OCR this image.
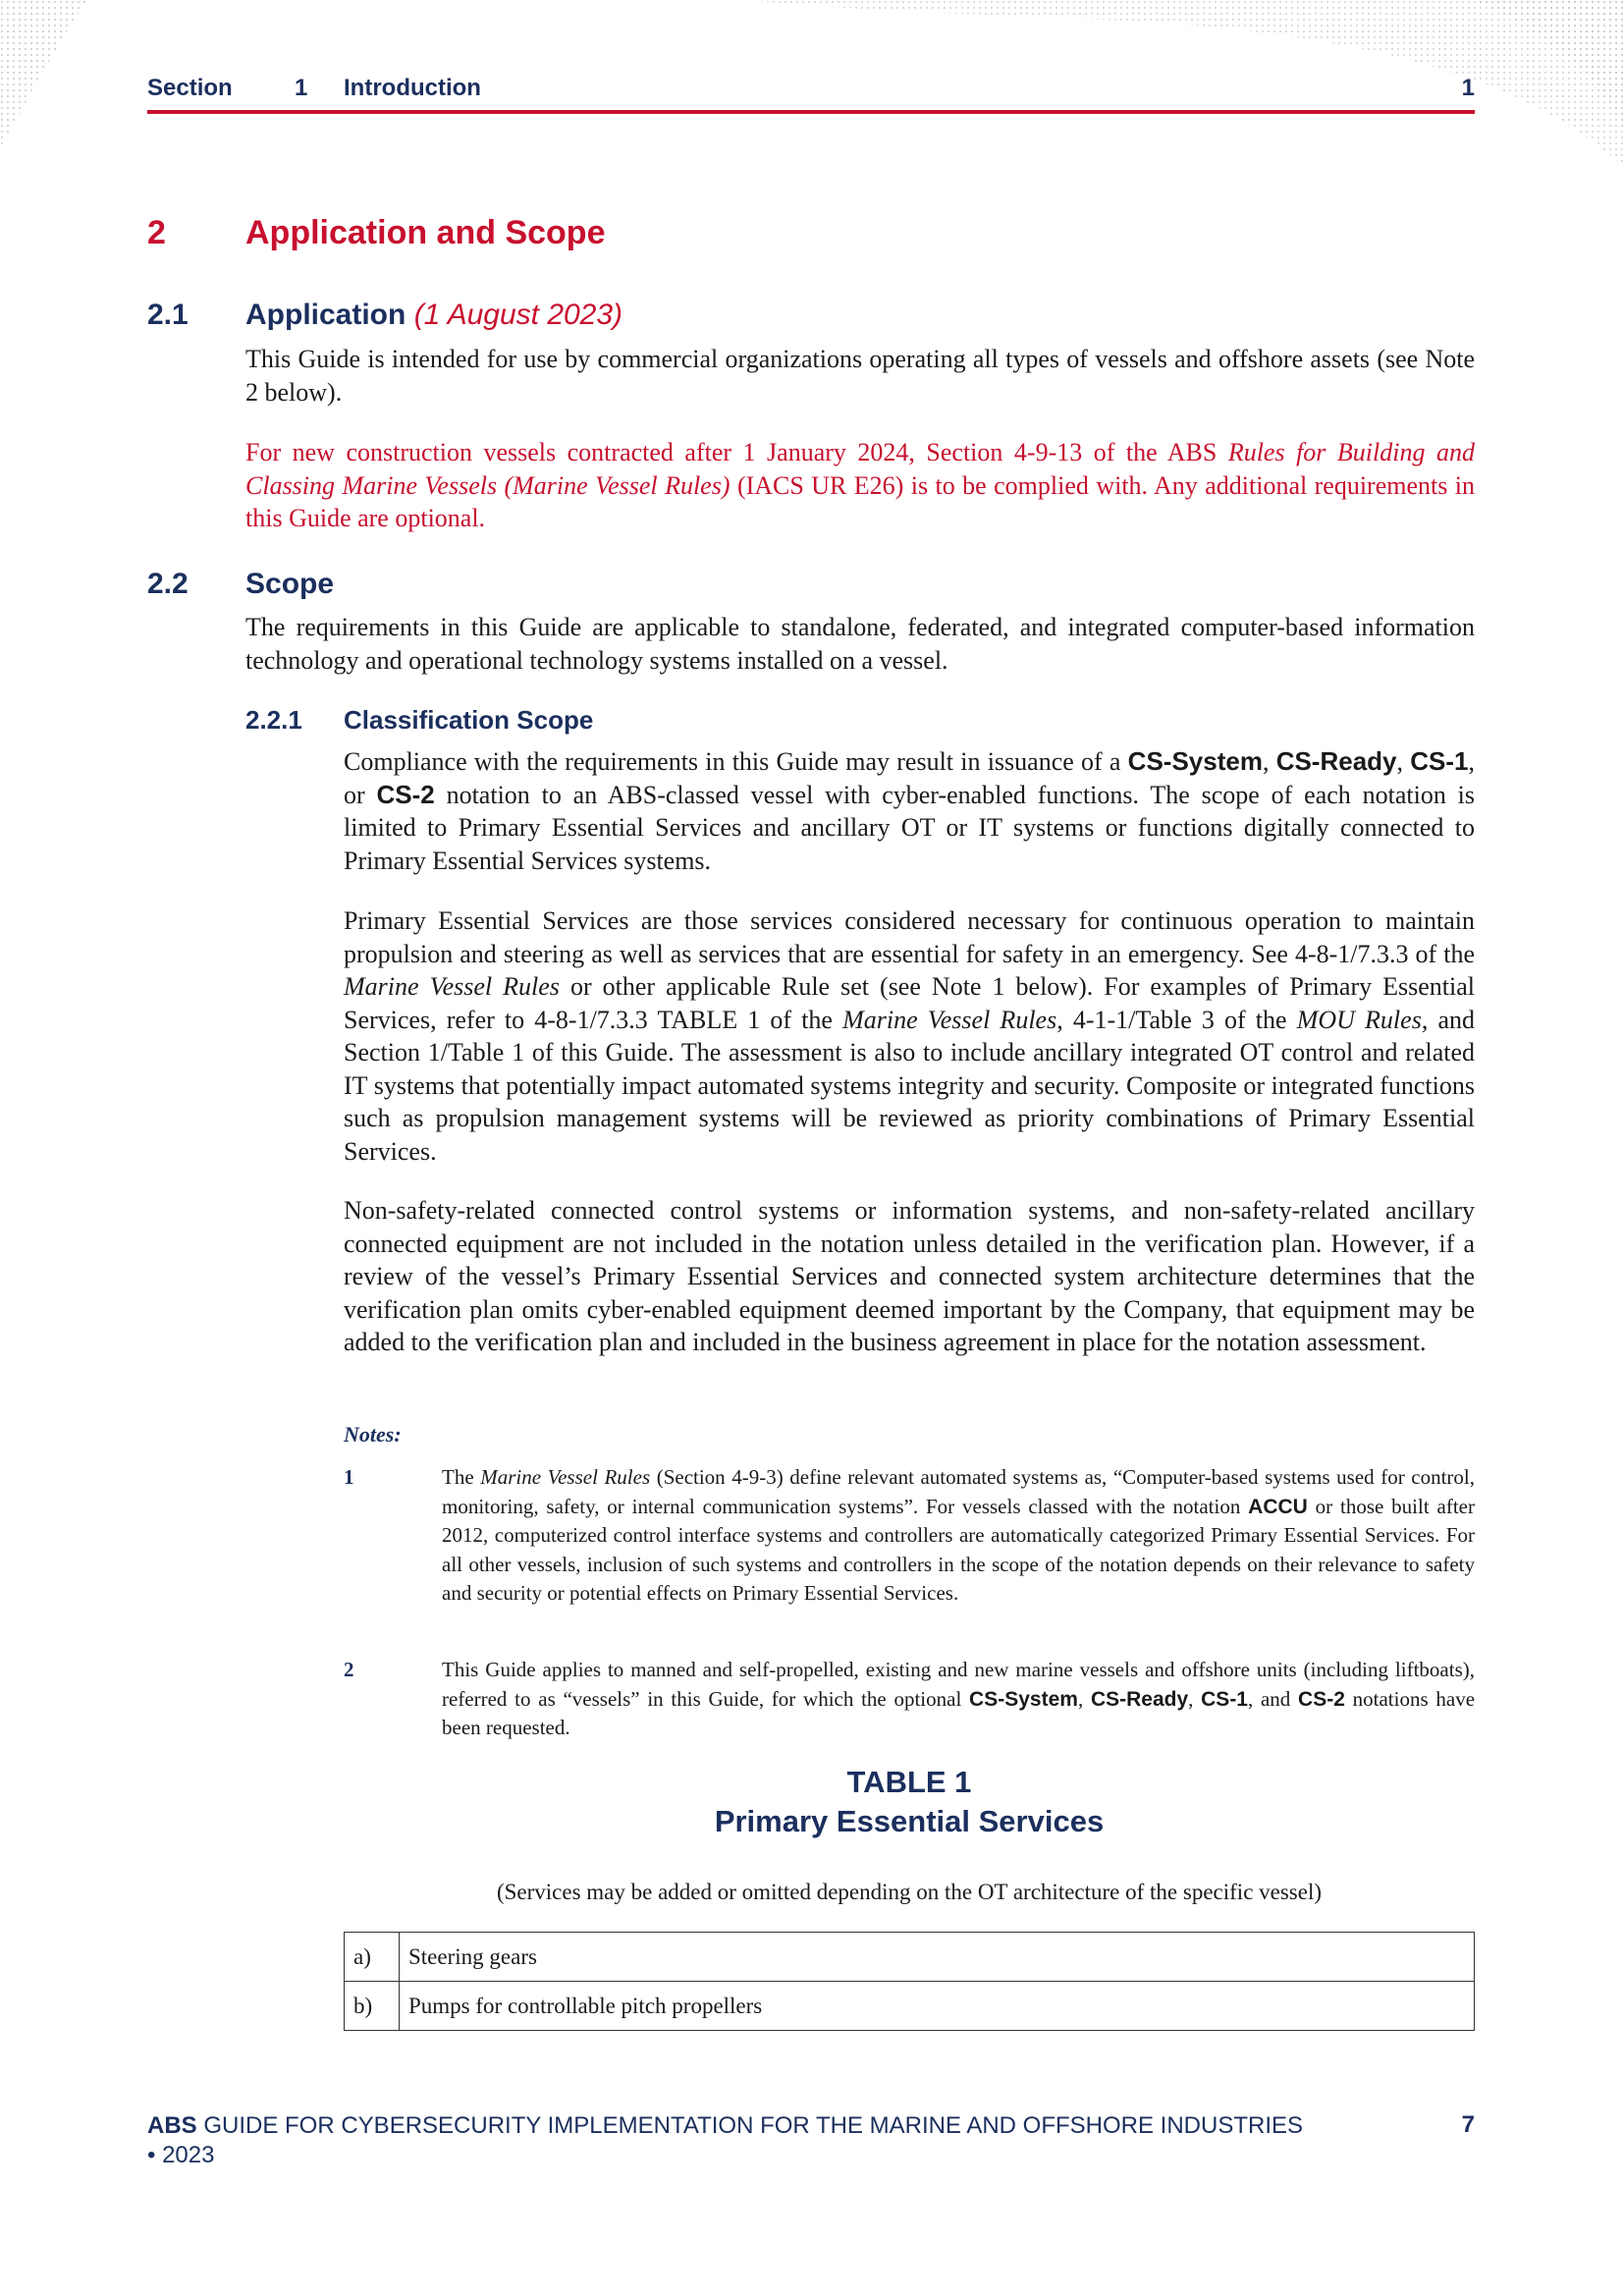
Section	1 Introduction	1
2 Application and Scope
2.1 Application (1 August 2023)

This Guide is intended for use by commercial organizations operating all types of vessels and offshore assets (see Note 2 below).

For new construction vessels contracted after 1 January 2024, Section 4-9-13 of the ABS Rules for Building and Classing Marine Vessels (Marine Vessel Rules) (IACS UR E26) is to be complied with. Any additional requirements in this Guide are optional.

2.2 Scope

The requirements in this Guide are applicable to standalone, federated, and integrated computer-based information technology and operational technology systems installed on a vessel.

2.2.1 Classification Scope

Compliance with the requirements in this Guide may result in issuance of a CS-System, CS-Ready, CS-1, or CS-2 notation to an ABS-classed vessel with cyber-enabled functions. The scope of each notation is limited to Primary Essential Services and ancillary OT or IT systems or functions digitally connected to Primary Essential Services systems.

Primary Essential Services are those services considered necessary for continuous operation to maintain propulsion and steering as well as services that are essential for safety in an emergency. See 4-8-1/7.3.3 of the Marine Vessel Rules or other applicable Rule set (see Note 1 below). For examples of Primary Essential Services, refer to 4-8-1/7.3.3 TABLE 1 of the Marine Vessel Rules, 4-1-1/Table 3 of the MOU Rules, and Section 1/Table 1 of this Guide. The assessment is also to include ancillary integrated OT control and related IT systems that potentially impact automated systems integrity and security. Composite or integrated functions such as propulsion management systems will be reviewed as priority combinations of Primary Essential Services.

Non-safety-related connected control systems or information systems, and non-safety-related ancillary connected equipment are not included in the notation unless detailed in the verification plan. However, if a review of the vessel’s Primary Essential Services and connected system architecture determines that the verification plan omits cyber-enabled equipment deemed important by the Company, that equipment may be added to the verification plan and included in the business agreement in place for the notation assessment.

Notes:
1	The Marine Vessel Rules (Section 4-9-3) define relevant automated systems as, “Computer-based systems used for control, monitoring, safety, or internal communication systems”. For vessels classed with the notation ACCU or those built after 2012, computerized control interface systems and controllers are automatically categorized Primary Essential Services. For all other vessels, inclusion of such systems and controllers in the scope of the notation depends on their relevance to safety and security or potential effects on Primary Essential Services.

2	This Guide applies to manned and self-propelled, existing and new marine vessels and offshore units (including liftboats), referred to as “vessels” in this Guide, for which the optional CS-System, CS-Ready, CS-1, and CS-2 notations have been requested.

TABLE 1
Primary Essential Services
(Services may be added or omitted depending on the OT architecture of the specific vessel)
a)	Steering gears
b)	Pumps for controllable pitch propellers
ABS GUIDE FOR CYBERSECURITY IMPLEMENTATION FOR THE MARINE AND OFFSHORE INDUSTRIES
• 2023
7
